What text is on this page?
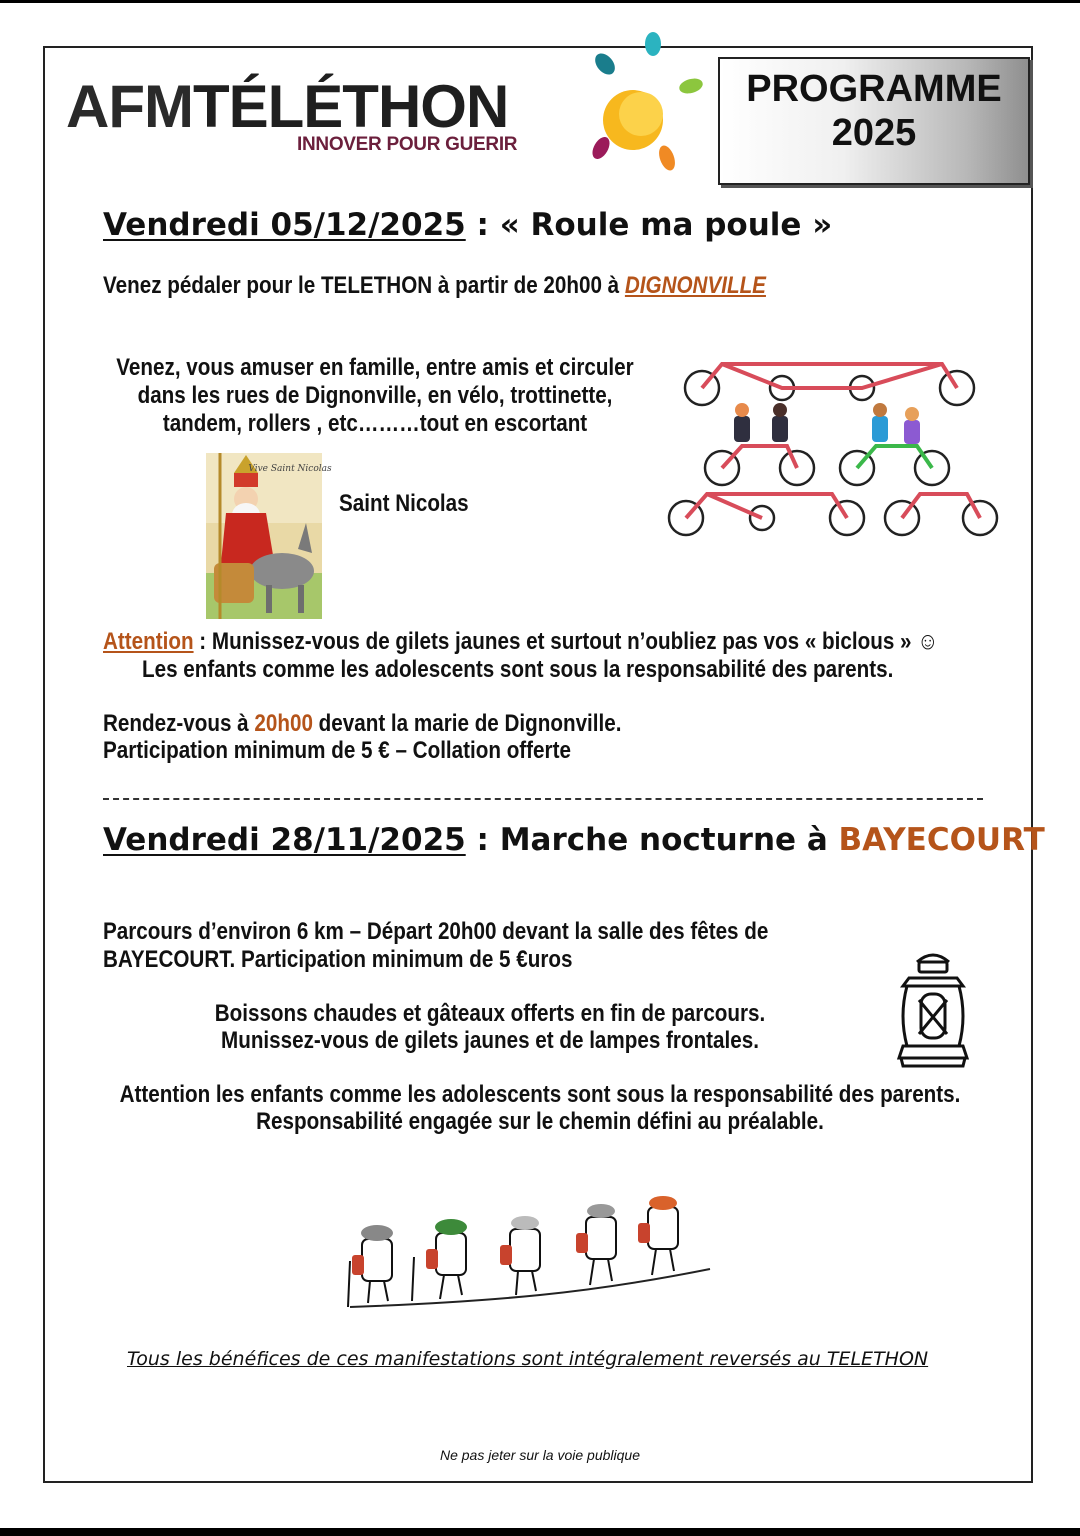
AFMTÉLÉTHON
INNOVER POUR GUERIR
PROGRAMME
2025
Vendredi 05/12/2025 : « Roule ma poule »
Venez pédaler pour le TELETHON à partir de 20h00 à DIGNONVILLE
Venez, vous amuser en famille, entre amis et circuler
dans les rues de Dignonville, en vélo, trottinette,
tandem, rollers , etc………tout en escortant
Vive Saint Nicolas
Saint Nicolas
Attention : Munissez-vous de gilets jaunes et surtout n’oubliez pas vos « biclous » ☺
Les enfants comme les adolescents sont sous la responsabilité des parents.
Rendez-vous à 20h00 devant la marie de Dignonville.
Participation minimum de 5 € – Collation offerte
Vendredi 28/11/2025 : Marche nocturne à BAYECOURT
Parcours d’environ 6 km – Départ 20h00 devant la salle des fêtes de
BAYECOURT. Participation minimum de 5 €uros
Boissons chaudes et gâteaux offerts en fin de parcours.
Munissez-vous de gilets jaunes et de lampes frontales.
Attention les enfants comme les adolescents sont sous la responsabilité des parents.
Responsabilité engagée sur le chemin défini au préalable.
Tous les bénéfices de ces manifestations sont intégralement reversés au TELETHON
Ne pas jeter sur la voie publique
